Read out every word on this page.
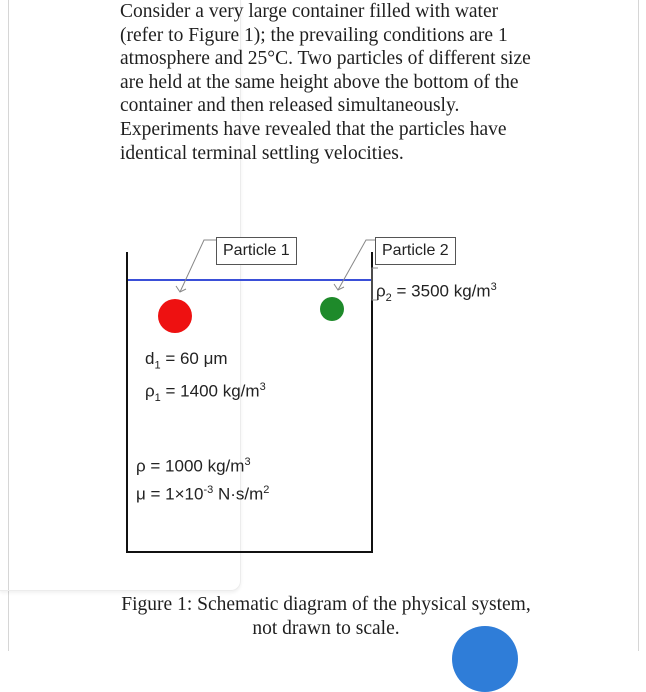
Consider a very large container filled with water (refer to Figure 1); the prevailing conditions are 1 atmosphere and 25°C. Two particles of different size are held at the same height above the bottom of the container and then released simultaneously. Experiments have revealed that the particles have identical terminal settling velocities.

Particle 1	Particle 2
$\rho_2 = 3500$ $kg/m^3$
$d_1 = 60$ μm
$\rho_1 = 1400$ $kg/m^3$
ρ = 1000 $kg/m^3$
$\mu = 1\times 10^{-3}$ $N\cdot s/m^2$
Figure 1: Schematic diagram of the physical system, not drawn to scale.
